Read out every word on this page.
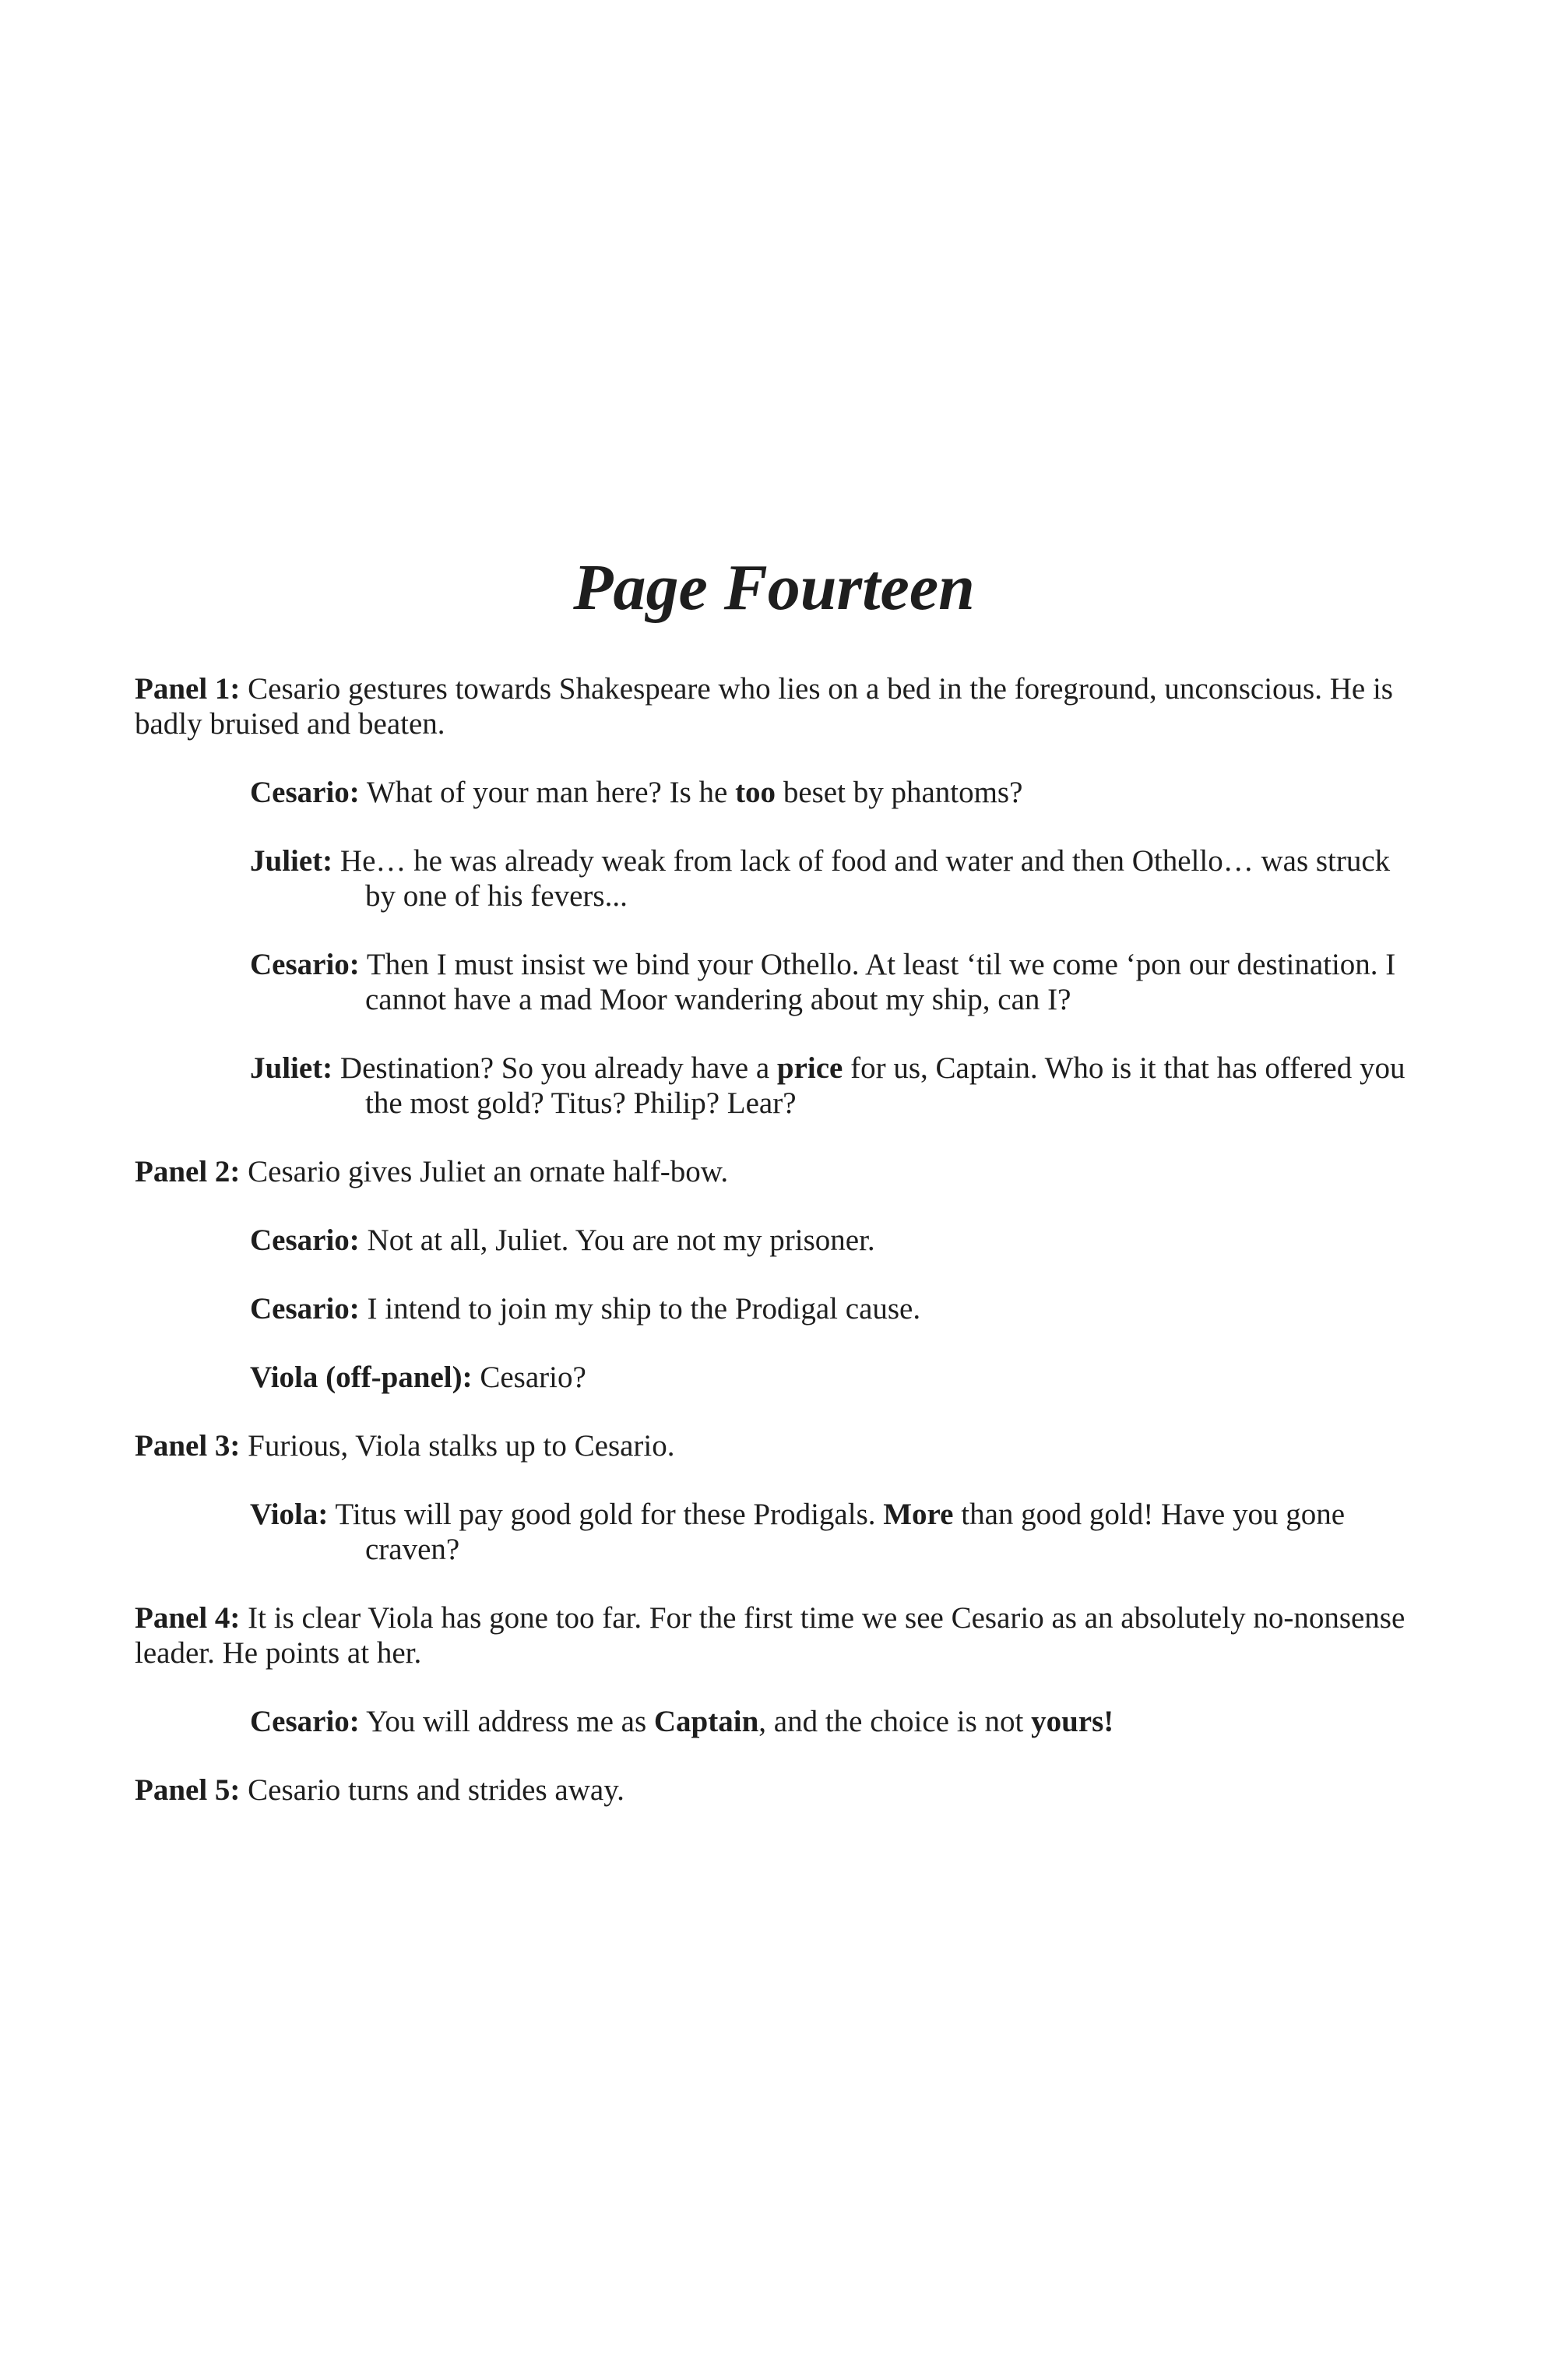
Page Fourteen

Panel 1: Cesario gestures towards Shakespeare who lies on a bed in the foreground, unconscious. He is badly bruised and beaten.

Cesario: What of your man here? Is he too beset by phantoms?

Juliet: He… he was already weak from lack of food and water and then Othello… was struck by one of his fevers...

Cesario: Then I must insist we bind your Othello. At least ‘til we come ‘pon our destination. I cannot have a mad Moor wandering about my ship, can I?

Juliet: Destination? So you already have a price for us, Captain. Who is it that has offered you the most gold? Titus? Philip? Lear?

Panel 2: Cesario gives Juliet an ornate half-bow.

Cesario: Not at all, Juliet. You are not my prisoner.

Cesario: I intend to join my ship to the Prodigal cause.

Viola (off-panel): Cesario?

Panel 3: Furious, Viola stalks up to Cesario.

Viola: Titus will pay good gold for these Prodigals. More than good gold! Have you gone craven?

Panel 4: It is clear Viola has gone too far. For the first time we see Cesario as an absolutely no-nonsense leader. He points at her.

Cesario: You will address me as Captain, and the choice is not yours!

Panel 5: Cesario turns and strides away.
